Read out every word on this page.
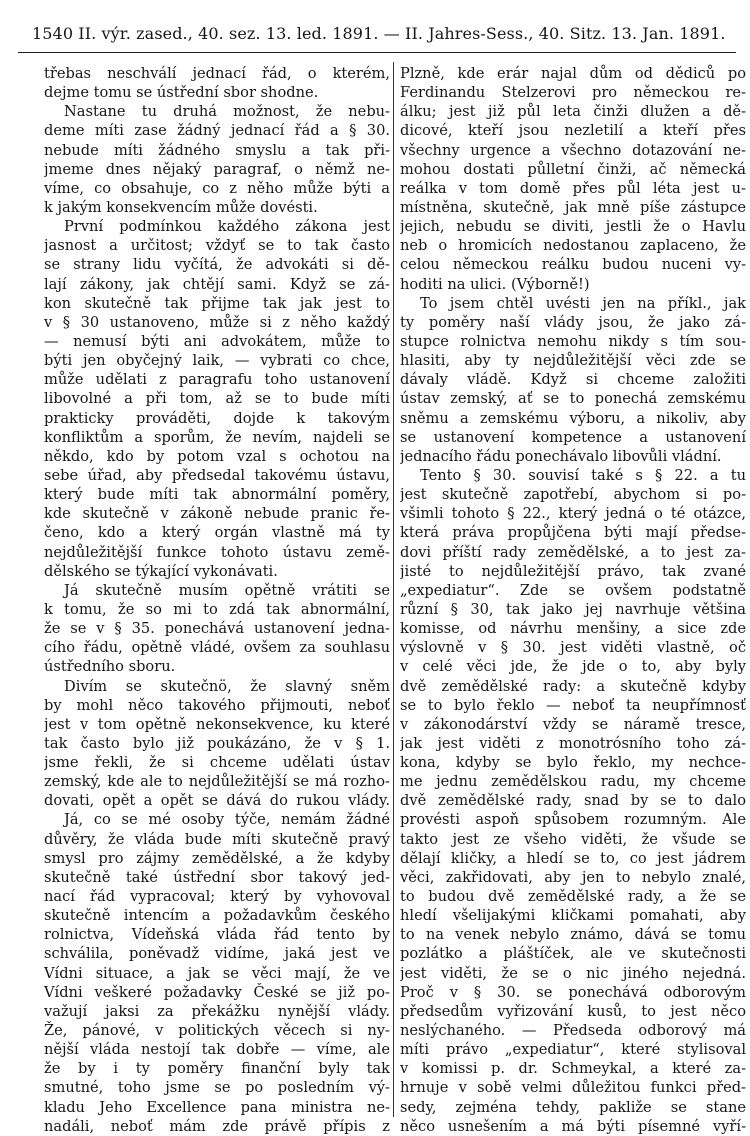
1540 II. výr. zased., 40. sez. 13. led. 1891. — II. Jahres-Sess., 40. Sitz. 13. Jan. 1891.
třebas neschválí jednací řád, o kterém,
dejme tomu se ústřední sbor shodne.
Nastane tu druhá možnost, že nebu-
deme míti zase žádný jednací řád a § 30.
nebude míti žádného smyslu a tak při-
jmeme dnes nějaký paragraf, o němž ne-
víme, co obsahuje, co z něho může býti a
k jakým konsekvencím může dovésti.
První podmínkou každého zákona jest
jasnost a určitost; vždyť se to tak často
se strany lidu vyčítá, že advokáti si dě-
lají zákony, jak chtějí sami. Když se zá-
kon skutečně tak přijme tak jak jest to
v § 30 ustanoveno, může si z něho každý
— nemusí býti ani advokátem, může to
býti jen obyčejný laik, — vybrati co chce,
může udělati z paragrafu toho ustanovení
libovolné a při tom, až se to bude míti
prakticky prováděti, dojde k takovým
konfliktům a sporům, že nevím, najdeli se
někdo, kdo by potom vzal s ochotou na
sebe úřad, aby předsedal takovému ústavu,
který bude míti tak abnormální poměry,
kde skutečně v zákoně nebude pranic ře-
čeno, kdo a který orgán vlastně má ty
nejdůležitější funkce tohoto ústavu země-
dělského se týkající vykonávati.
Já skutečně musím opětně vrátiti se
k tomu, že so mi to zdá tak abnormální,
že se v § 35. ponechává ustanovení jedna-
cího řádu, opětně vládé, ovšem za souhlasu
ústředního sboru.
Divím se skutečnö, že slavný sněm
by mohl něco takového přijmouti, neboť
jest v tom opětně nekonsekvence, ku které
tak často bylo již poukázáno, že v § 1.
jsme řekli, že si chceme udělati ústav
zemský, kde ale to nejdůležitější se má rozho-
dovati, opět a opět se dává do rukou vlády.
Já, co se mé osoby týče, nemám žádné
důvěry, že vláda bude míti skutečně pravý
smysl pro zájmy zemědělské, a že kdyby
skutečně také ústřední sbor takový jed-
nací řád vypracoval; který by vyhovoval
skutečně intencím a požadavkům českého
rolnictva, Vídeňská vláda řád tento by
schválila, poněvadž vidíme, jaká jest ve
Vídni situace, a jak se věci mají, že ve
Vídni veškeré požadavky České se již po-
važují jaksi za překážku nynější vlády.
Že, pánové, v politických věcech si ny-
nější vláda nestojí tak dobře — víme, ale
že by i ty poměry finanční byly tak
smutné, toho jsme se po posledním vý-
kladu Jeho Excellence pana ministra ne-
nadáli, neboť mám zde právě přípis z
Plzně, kde erár najal dům od dědiců po
Ferdinandu Stelzerovi pro německou re-
álku; jest již půl leta činži dlužen a dě-
dicové, kteří jsou nezletilí a kteří přes
všechny urgence a všechno dotazování ne-
mohou dostati půlletní činži, ač německá
reálka v tom domě přes půl léta jest u-
místněna, skutečně, jak mně píše zástupce
jejich, nebudu se diviti, jestli že o Havlu
neb o hromicích nedostanou zaplaceno, že
celou německou reálku budou nuceni vy-
hoditi na ulici. (Výborně!)
To jsem chtěl uvésti jen na příkl., jak
ty poměry naší vlády jsou, že jako zá-
stupce rolnictva nemohu nikdy s tím sou-
hlasiti, aby ty nejdůležitější věci zde se
dávaly vládě. Když si chceme založiti
ústav zemský, ať se to ponechá zemskému
sněmu a zemskému výboru, a nikoliv, aby
se ustanovení kompetence a ustanovení
jednacího řádu ponechávalo libovůli vládní.
Tento § 30. souvisí také s § 22. a tu
jest skutečně zapotřebí, abychom si po-
všimli tohoto § 22., který jedná o té otázce,
která práva propůjčena býti mají předse-
dovi příští rady zemědělské, a to jest za-
jisté to nejdůležitější právo, tak zvané
„expediatur“. Zde se ovšem podstatně
různí § 30, tak jako jej navrhuje většina
komisse, od návrhu menšiny, a sice zde
výslovně v § 30. jest viděti vlastně, oč
v celé věci jde, že jde o to, aby byly
dvě zemědělské rady: a skutečně kdyby
se to bylo řeklo — neboť ta neupřímnosť
v zákonodárství vždy se náramě tresce,
jak jest viděti z monotrósního toho zá-
kona, kdyby se bylo řeklo, my nechce-
me jednu zemědělskou radu, my chceme
dvě zemědělské rady, snad by se to dalo
provésti aspoň spůsobem rozumným. Ale
takto jest ze všeho viděti, že všude se
dělají kličky, a hledí se to, co jest jádrem
věci, zakřidovati, aby jen to nebylo znalé,
to budou dvě zemědělské rady, a že se
hledí všelijakými kličkami pomahati, aby
to na venek nebylo známo, dává se tomu
pozlátko a pláštíček, ale ve skutečnosti
jest viděti, že se o nic jiného nejedná.
Proč v § 30. se ponechává odborovým
předsedům vyřizování kusů, to jest něco
neslýchaného. — Předseda odborový má
míti právo „expediatur“, které stylisoval
v komissi p. dr. Schmeykal, a které za-
hrnuje v sobě velmi důležitou funkci před-
sedy, zejména tehdy, pakliže se stane
něco usnešením a má býti písemné vyří-
